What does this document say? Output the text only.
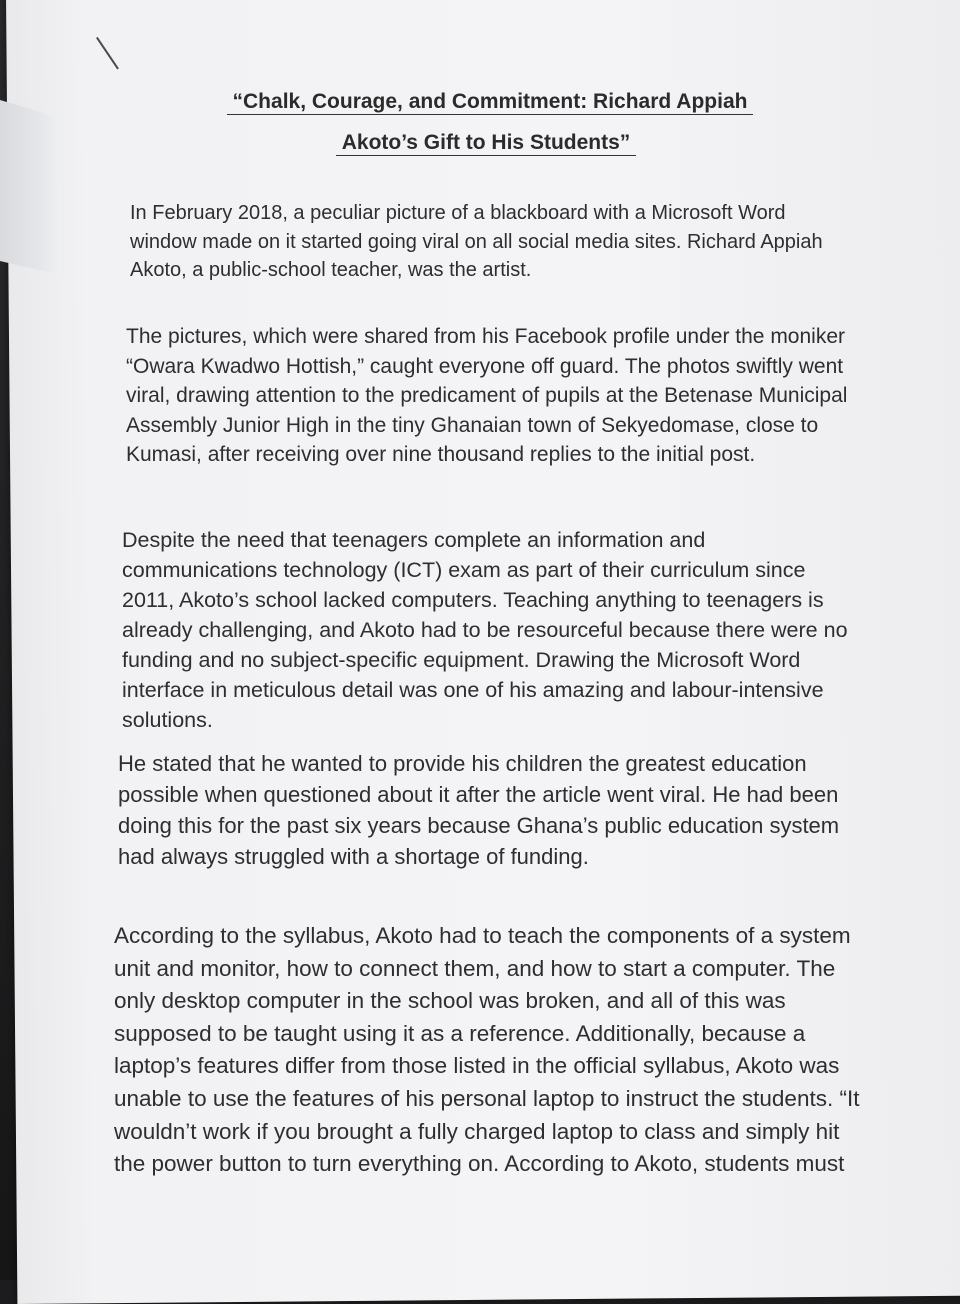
“Chalk, Courage, and Commitment: Richard Appiah
Akoto’s Gift to His Students”
In February 2018, a peculiar picture of a blackboard with a Microsoft Word window made on it started going viral on all social media sites. Richard Appiah Akoto, a public-school teacher, was the artist.
The pictures, which were shared from his Facebook profile under the moniker “Owara Kwadwo Hottish,” caught everyone off guard. The photos swiftly went viral, drawing attention to the predicament of pupils at the Betenase Municipal Assembly Junior High in the tiny Ghanaian town of Sekyedomase, close to Kumasi, after receiving over nine thousand replies to the initial post.
Despite the need that teenagers complete an information and communications technology (ICT) exam as part of their curriculum since 2011, Akoto’s school lacked computers. Teaching anything to teenagers is already challenging, and Akoto had to be resourceful because there were no funding and no subject-specific equipment. Drawing the Microsoft Word interface in meticulous detail was one of his amazing and labour-intensive solutions.
He stated that he wanted to provide his children the greatest education possible when questioned about it after the article went viral. He had been doing this for the past six years because Ghana’s public education system had always struggled with a shortage of funding.
According to the syllabus, Akoto had to teach the components of a system unit and monitor, how to connect them, and how to start a computer. The only desktop computer in the school was broken, and all of this was supposed to be taught using it as a reference. Additionally, because a laptop’s features differ from those listed in the official syllabus, Akoto was unable to use the features of his personal laptop to instruct the students. “It wouldn’t work if you brought a fully charged laptop to class and simply hit the power button to turn everything on. According to Akoto, students must
